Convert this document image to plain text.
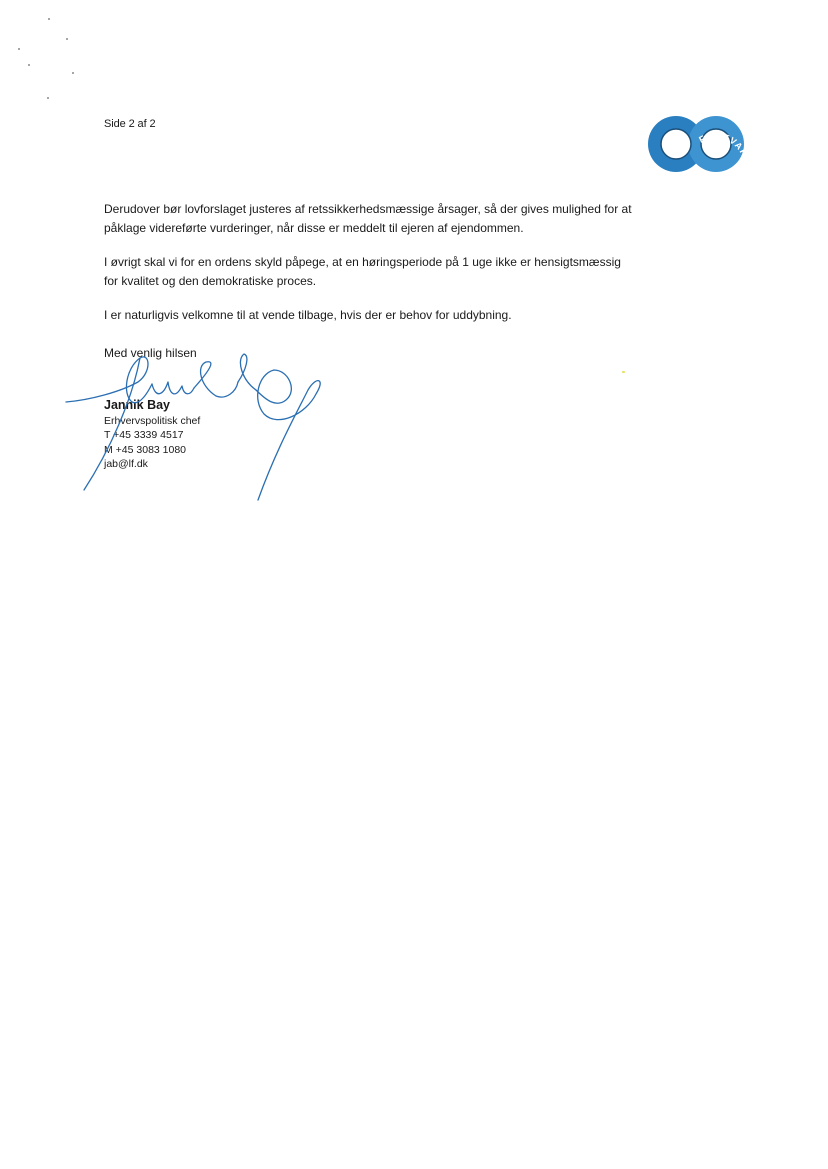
Side 2 af 2
LANDB
FØDEVARE

Derudover bør lovforslaget justeres af retssikkerhedsmæssige årsager, så der gives mulighed for at
påklage videreførte vurderinger, når disse er meddelt til ejeren af ejendommen.

I øvrigt skal vi for en ordens skyld påpege, at en høringsperiode på 1 uge ikke er hensigtsmæssig
for kvalitet og den demokratiske proces.

I er naturligvis velkomne til at vende tilbage, hvis der er behov for uddybning.

Med venlig hilsen
Jannik Bay
Erhvervspolitisk chef
T +45 3339 4517
M +45 3083 1080
jab@lf.dk
